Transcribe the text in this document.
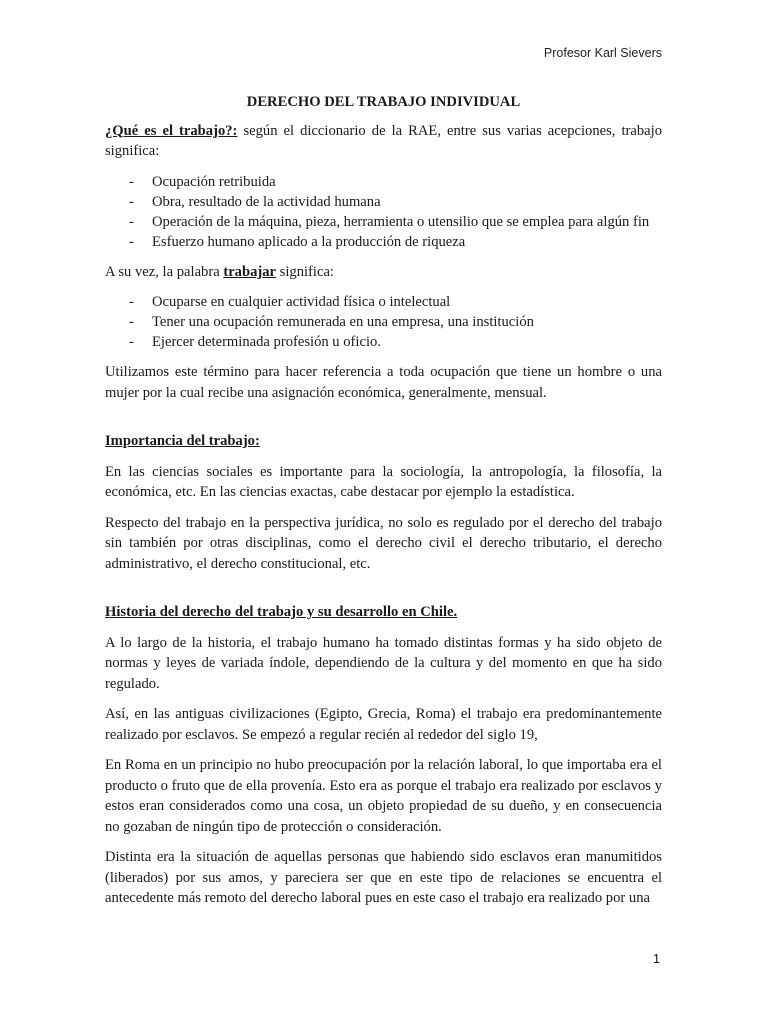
Profesor Karl Sievers
DERECHO DEL TRABAJO INDIVIDUAL

¿Qué es el trabajo?: según el diccionario de la RAE, entre sus varias acepciones, trabajo significa:

- Ocupación retribuida
- Obra, resultado de la actividad humana
- Operación de la máquina, pieza, herramienta o utensilio que se emplea para algún fin
- Esfuerzo humano aplicado a la producción de riqueza

A su vez, la palabra trabajar significa:

- Ocuparse en cualquier actividad física o intelectual
- Tener una ocupación remunerada en una empresa, una institución
- Ejercer determinada profesión u oficio.

Utilizamos este término para hacer referencia a toda ocupación que tiene un hombre o una mujer por la cual recibe una asignación económica, generalmente, mensual.

Importancia del trabajo:

En las ciencias sociales es importante para la sociología, la antropología, la filosofía, la económica, etc. En las ciencias exactas, cabe destacar por ejemplo la estadística.

Respecto del trabajo en la perspectiva jurídica, no solo es regulado por el derecho del trabajo sin también por otras disciplinas, como el derecho civil el derecho tributario, el derecho administrativo, el derecho constitucional, etc.

Historia del derecho del trabajo y su desarrollo en Chile.

A lo largo de la historia, el trabajo humano ha tomado distintas formas y ha sido objeto de normas y leyes de variada índole, dependiendo de la cultura y del momento en que ha sido regulado.

Así, en las antiguas civilizaciones (Egipto, Grecia, Roma) el trabajo era predominantemente realizado por esclavos. Se empezó a regular recién al rededor del siglo 19,

En Roma en un principio no hubo preocupación por la relación laboral, lo que importaba era el producto o fruto que de ella provenía. Esto era as porque el trabajo era realizado por esclavos y estos eran considerados como una cosa, un objeto propiedad de su dueño, y en consecuencia no gozaban de ningún tipo de protección o consideración.

Distinta era la situación de aquellas personas que habiendo sido esclavos eran manumitidos (liberados) por sus amos, y pareciera ser que en este tipo de relaciones se encuentra el antecedente más remoto del derecho laboral pues en este caso el trabajo era realizado por una

1
